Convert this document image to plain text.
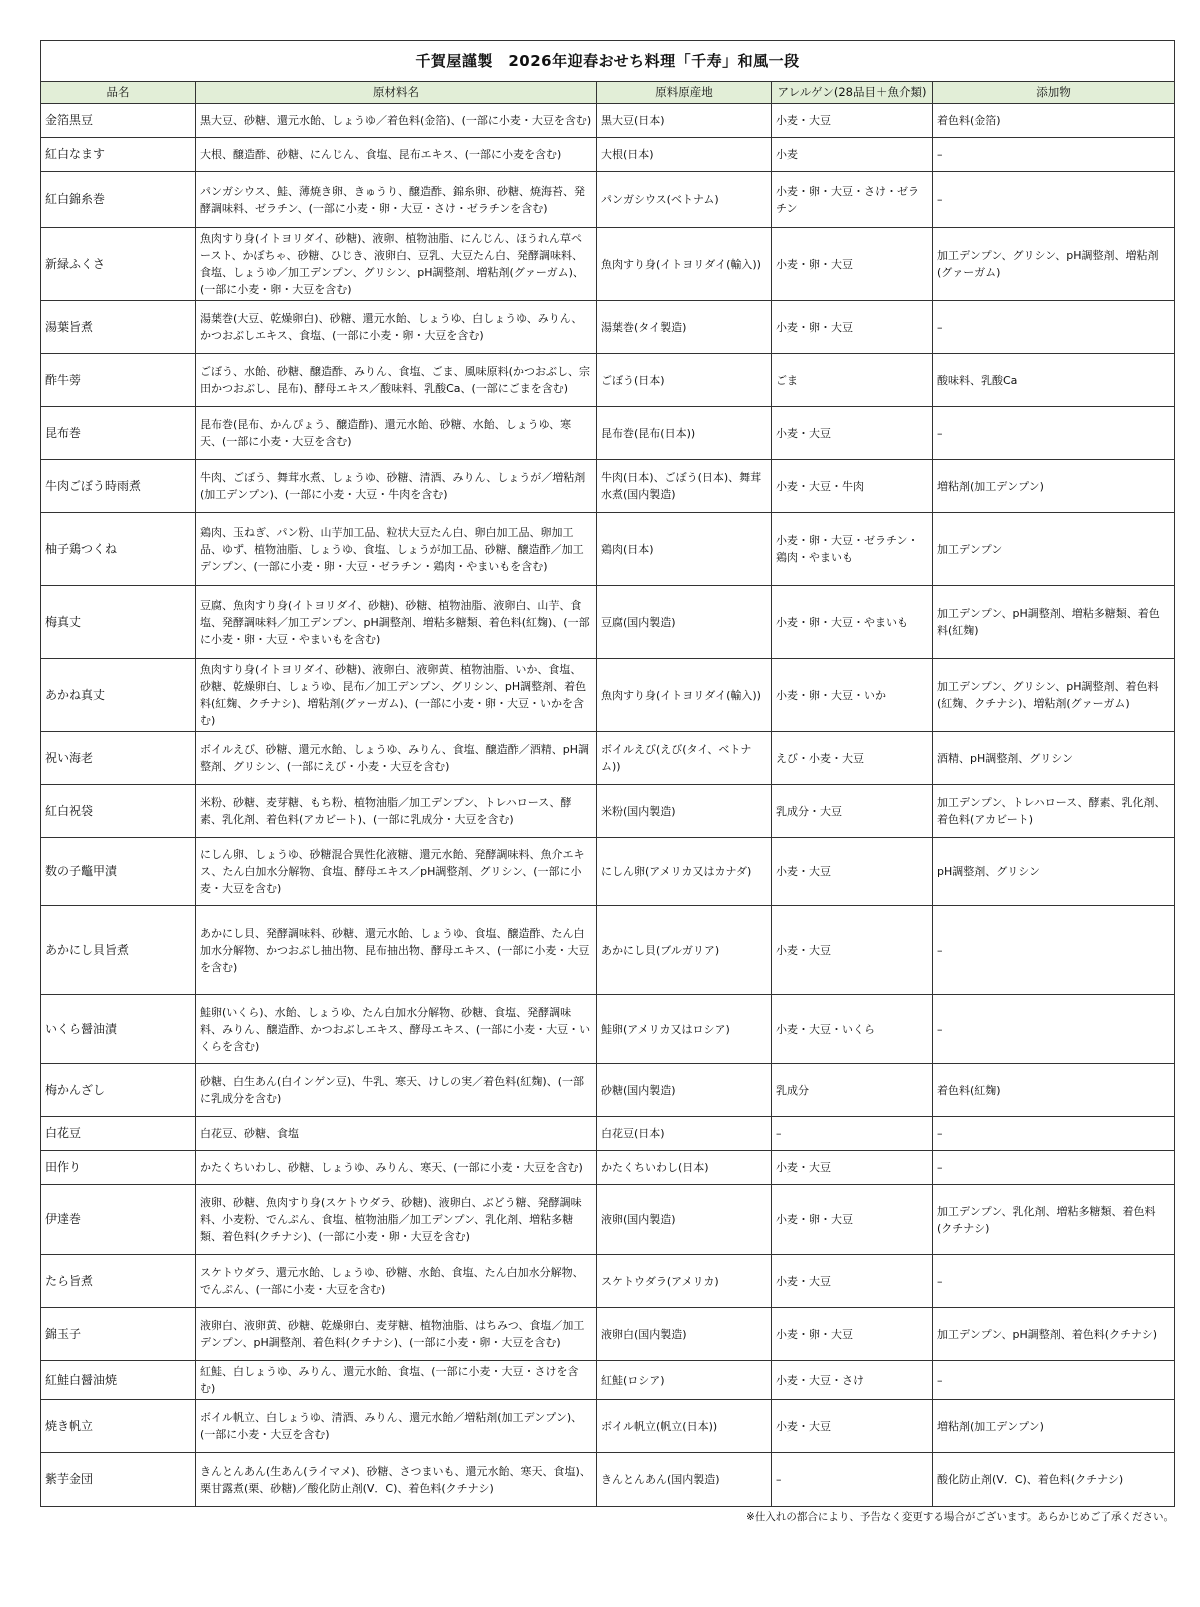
千賀屋謹製　2026年迎春おせち料理「千寿」和風一段				
品名	原材料名	原料原産地	アレルゲン(28品目＋魚介類)	添加物
金箔黒豆	黒大豆、砂糖、還元水飴、しょうゆ／着色料(金箔)、(一部に小麦・大豆を含む)	黒大豆(日本)	小麦・大豆	着色料(金箔)
紅白なます	大根、醸造酢、砂糖、にんじん、食塩、昆布エキス、(一部に小麦を含む)	大根(日本)	小麦	–
紅白錦糸巻	パンガシウス、鮭、薄焼き卵、きゅうり、醸造酢、錦糸卵、砂糖、焼海苔、発酵調味料、ゼラチン、(一部に小麦・卵・大豆・さけ・ゼラチンを含む)	パンガシウス(ベトナム)	小麦・卵・大豆・さけ・ゼラチン	–
新緑ふくさ	魚肉すり身(イトヨリダイ、砂糖)、液卵、植物油脂、にんじん、ほうれん草ペースト、かぼちゃ、砂糖、ひじき、液卵白、豆乳、大豆たん白、発酵調味料、食塩、しょうゆ／加工デンプン、グリシン、pH調整剤、増粘剤(グァーガム)、(一部に小麦・卵・大豆を含む)	魚肉すり身(イトヨリダイ(輸入))	小麦・卵・大豆	加工デンプン、グリシン、pH調整剤、増粘剤(グァーガム)
湯葉旨煮	湯葉巻(大豆、乾燥卵白)、砂糖、還元水飴、しょうゆ、白しょうゆ、みりん、かつおぶしエキス、食塩、(一部に小麦・卵・大豆を含む)	湯葉巻(タイ製造)	小麦・卵・大豆	–
酢牛蒡	ごぼう、水飴、砂糖、醸造酢、みりん、食塩、ごま、風味原料(かつおぶし、宗田かつおぶし、昆布)、酵母エキス／酸味料、乳酸Ca、(一部にごまを含む)	ごぼう(日本)	ごま	酸味料、乳酸Ca
昆布巻	昆布巻(昆布、かんぴょう、醸造酢)、還元水飴、砂糖、水飴、しょうゆ、寒天、(一部に小麦・大豆を含む)	昆布巻(昆布(日本))	小麦・大豆	–
牛肉ごぼう時雨煮	牛肉、ごぼう、舞茸水煮、しょうゆ、砂糖、清酒、みりん、しょうが／増粘剤(加工デンプン)、(一部に小麦・大豆・牛肉を含む)	牛肉(日本)、ごぼう(日本)、舞茸水煮(国内製造)	小麦・大豆・牛肉	増粘剤(加工デンプン)
柚子鶏つくね	鶏肉、玉ねぎ、パン粉、山芋加工品、粒状大豆たん白、卵白加工品、卵加工品、ゆず、植物油脂、しょうゆ、食塩、しょうが加工品、砂糖、醸造酢／加工デンプン、(一部に小麦・卵・大豆・ゼラチン・鶏肉・やまいもを含む)	鶏肉(日本)	小麦・卵・大豆・ゼラチン・鶏肉・やまいも	加工デンプン
梅真丈	豆腐、魚肉すり身(イトヨリダイ、砂糖)、砂糖、植物油脂、液卵白、山芋、食塩、発酵調味料／加工デンプン、pH調整剤、増粘多糖類、着色料(紅麹)、(一部に小麦・卵・大豆・やまいもを含む)	豆腐(国内製造)	小麦・卵・大豆・やまいも	加工デンプン、pH調整剤、増粘多糖類、着色料(紅麹)
あかね真丈	魚肉すり身(イトヨリダイ、砂糖)、液卵白、液卵黄、植物油脂、いか、食塩、砂糖、乾燥卵白、しょうゆ、昆布／加工デンプン、グリシン、pH調整剤、着色料(紅麹、クチナシ)、増粘剤(グァーガム)、(一部に小麦・卵・大豆・いかを含む)	魚肉すり身(イトヨリダイ(輸入))	小麦・卵・大豆・いか	加工デンプン、グリシン、pH調整剤、着色料(紅麹、クチナシ)、増粘剤(グァーガム)
祝い海老	ボイルえび、砂糖、還元水飴、しょうゆ、みりん、食塩、醸造酢／酒精、pH調整剤、グリシン、(一部にえび・小麦・大豆を含む)	ボイルえび(えび(タイ、ベトナム))	えび・小麦・大豆	酒精、pH調整剤、グリシン
紅白祝袋	米粉、砂糖、麦芽糖、もち粉、植物油脂／加工デンプン、トレハロース、酵素、乳化剤、着色料(アカビート)、(一部に乳成分・大豆を含む)	米粉(国内製造)	乳成分・大豆	加工デンプン、トレハロース、酵素、乳化剤、着色料(アカビート)
数の子鼈甲漬	にしん卵、しょうゆ、砂糖混合異性化液糖、還元水飴、発酵調味料、魚介エキス、たん白加水分解物、食塩、酵母エキス／pH調整剤、グリシン、(一部に小麦・大豆を含む)	にしん卵(アメリカ又はカナダ)	小麦・大豆	pH調整剤、グリシン
あかにし貝旨煮	あかにし貝、発酵調味料、砂糖、還元水飴、しょうゆ、食塩、醸造酢、たん白加水分解物、かつおぶし抽出物、昆布抽出物、酵母エキス、(一部に小麦・大豆を含む)	あかにし貝(ブルガリア)	小麦・大豆	–
いくら醤油漬	鮭卵(いくら)、水飴、しょうゆ、たん白加水分解物、砂糖、食塩、発酵調味料、みりん、醸造酢、かつおぶしエキス、酵母エキス、(一部に小麦・大豆・いくらを含む)	鮭卵(アメリカ又はロシア)	小麦・大豆・いくら	–
梅かんざし	砂糖、白生あん(白インゲン豆)、牛乳、寒天、けしの実／着色料(紅麹)、(一部に乳成分を含む)	砂糖(国内製造)	乳成分	着色料(紅麹)
白花豆	白花豆、砂糖、食塩	白花豆(日本)	–	–
田作り	かたくちいわし、砂糖、しょうゆ、みりん、寒天、(一部に小麦・大豆を含む)	かたくちいわし(日本)	小麦・大豆	–
伊達巻	液卵、砂糖、魚肉すり身(スケトウダラ、砂糖)、液卵白、ぶどう糖、発酵調味料、小麦粉、でんぷん、食塩、植物油脂／加工デンプン、乳化剤、増粘多糖類、着色料(クチナシ)、(一部に小麦・卵・大豆を含む)	液卵(国内製造)	小麦・卵・大豆	加工デンプン、乳化剤、増粘多糖類、着色料(クチナシ)
たら旨煮	スケトウダラ、還元水飴、しょうゆ、砂糖、水飴、食塩、たん白加水分解物、でんぷん、(一部に小麦・大豆を含む)	スケトウダラ(アメリカ)	小麦・大豆	–
錦玉子	液卵白、液卵黄、砂糖、乾燥卵白、麦芽糖、植物油脂、はちみつ、食塩／加工デンプン、pH調整剤、着色料(クチナシ)、(一部に小麦・卵・大豆を含む)	液卵白(国内製造)	小麦・卵・大豆	加工デンプン、pH調整剤、着色料(クチナシ)
紅鮭白醤油焼	紅鮭、白しょうゆ、みりん、還元水飴、食塩、(一部に小麦・大豆・さけを含む)	紅鮭(ロシア)	小麦・大豆・さけ	–
焼き帆立	ボイル帆立、白しょうゆ、清酒、みりん、還元水飴／増粘剤(加工デンプン)、(一部に小麦・大豆を含む)	ボイル帆立(帆立(日本))	小麦・大豆	増粘剤(加工デンプン)
紫芋金団	きんとんあん(生あん(ライマメ)、砂糖、さつまいも、還元水飴、寒天、食塩)、栗甘露煮(栗、砂糖)／酸化防止剤(V．C)、着色料(クチナシ)	きんとんあん(国内製造)	–	酸化防止剤(V．C)、着色料(クチナシ)
※仕入れの都合により、予告なく変更する場合がございます。あらかじめご了承ください。
